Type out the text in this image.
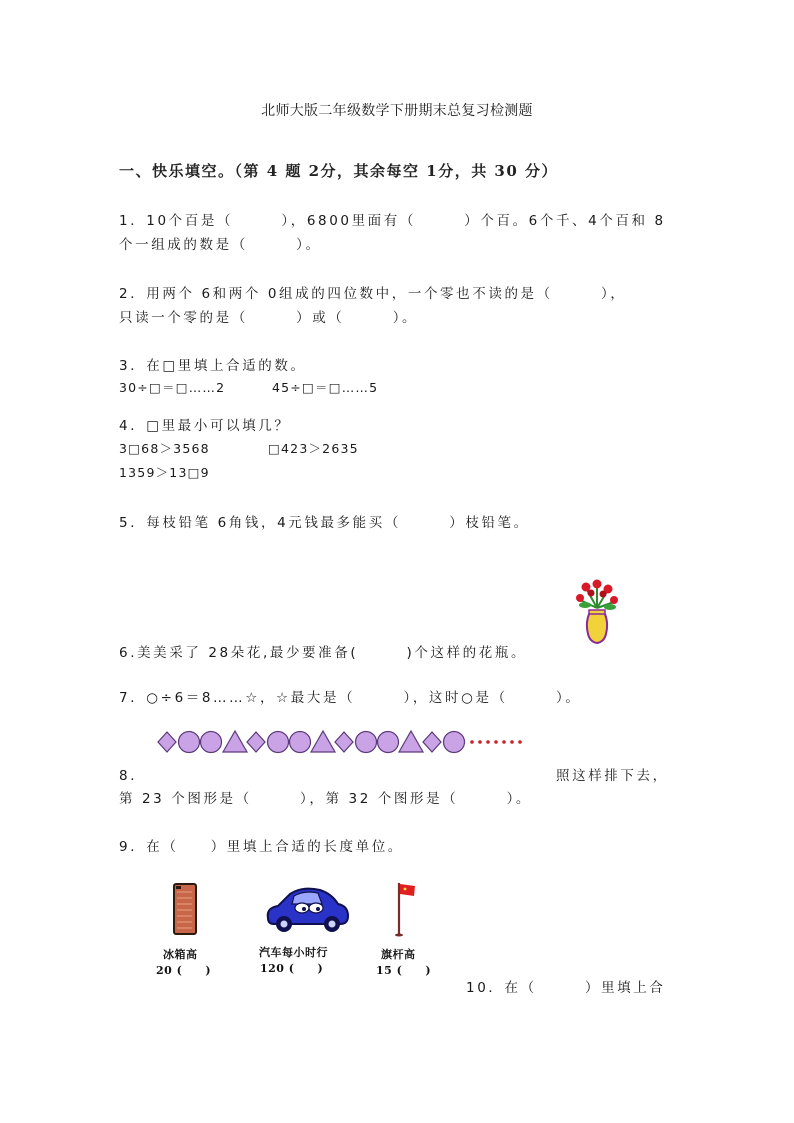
北师大版二年级数学下册期末总复习检测题
一、快乐填空。（第 4 题 2分，其余每空 1分，共 30 分）
1．10个百是（　　　），6800里面有（　　　）个百。6个千、4个百和 8
个一组成的数是（　　　）。
2．用两个 6和两个 0组成的四位数中，一个零也不读的是（　　　），
只读一个零的是（　　　）或（　　　）。
3．在□里填上合适的数。
30÷□＝□……2	45÷□＝□……5
4．□里最小可以填几？
3□68＞3568	□423＞2635
1359＞13□9
5．每枝铅笔 6角钱，4元钱最多能买（　　　）枝铅笔。
6.美美采了 28朵花,最少要准备(　　　)个这样的花瓶。
7．○÷6＝8……☆，☆最大是（　　　），这时○是（　　　）。
8．	照这样排下去，
第 23 个图形是（　　　），第 32 个图形是（　　　）。
9．在（　　）里填上合适的长度单位。
冰箱高
20 (　　)
汽车每小时行
120 (　　)
旗杆高
15 (　　)
10．在（　　　）里填上合
